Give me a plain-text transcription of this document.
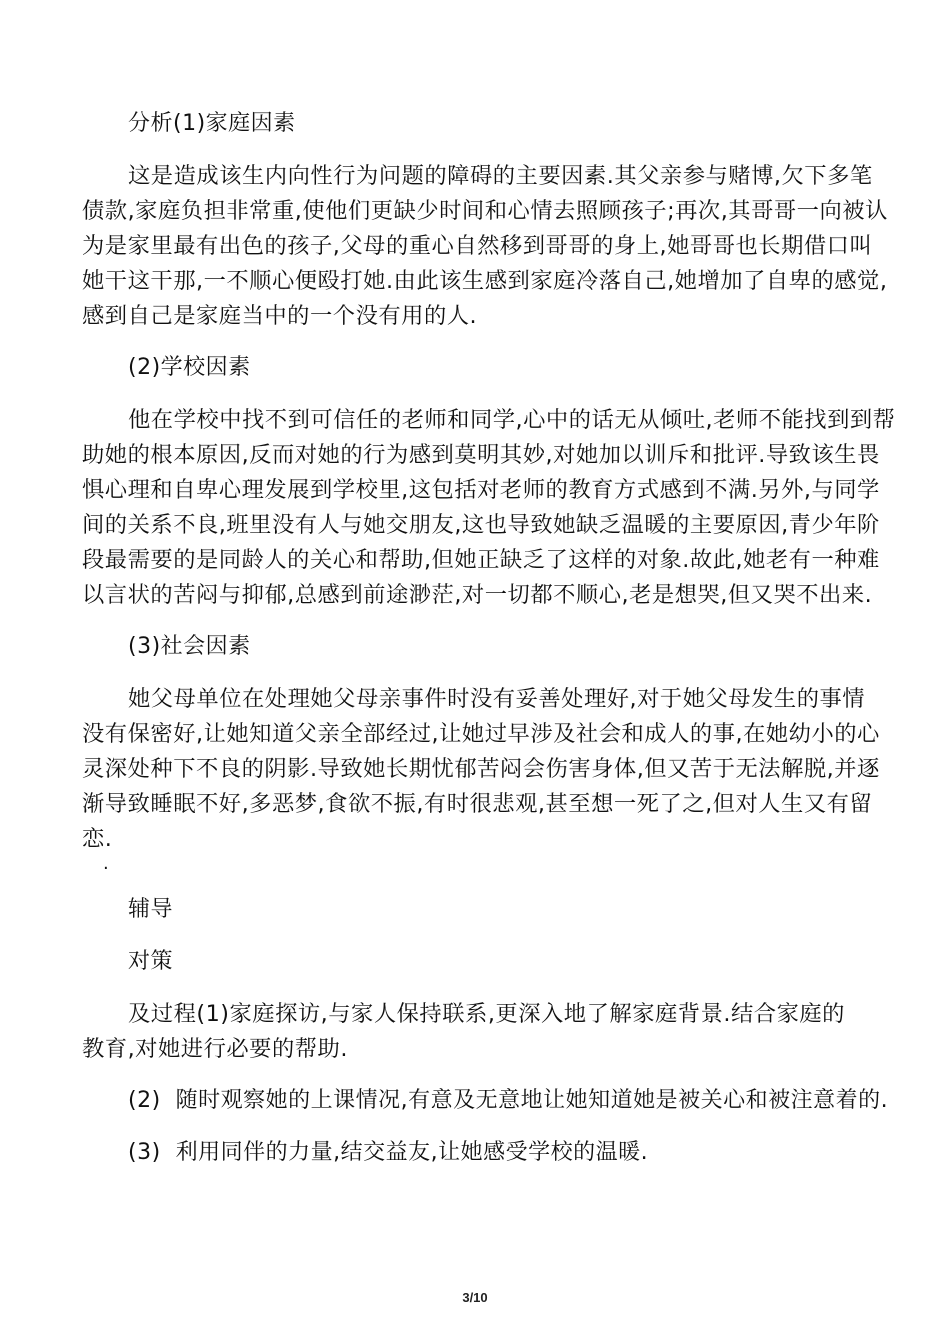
分析(1)家庭因素
这是造成该生内向性行为问题的障碍的主要因素.其父亲参与赌博,欠下多笔
债款,家庭负担非常重,使他们更缺少时间和心情去照顾孩子;再次,其哥哥一向被认
为是家里最有出色的孩子,父母的重心自然移到哥哥的身上,她哥哥也长期借口叫
她干这干那,一不顺心便殴打她.由此该生感到家庭冷落自己,她增加了自卑的感觉,
感到自己是家庭当中的一个没有用的人.
(2)学校因素
他在学校中找不到可信任的老师和同学,心中的话无从倾吐,老师不能找到到帮
助她的根本原因,反而对她的行为感到莫明其妙,对她加以训斥和批评.导致该生畏
惧心理和自卑心理发展到学校里,这包括对老师的教育方式感到不满.另外,与同学
间的关系不良,班里没有人与她交朋友,这也导致她缺乏温暖的主要原因,青少年阶
段最需要的是同龄人的关心和帮助,但她正缺乏了这样的对象.故此,她老有一种难
以言状的苦闷与抑郁,总感到前途渺茫,对一切都不顺心,老是想哭,但又哭不出来.
(3)社会因素
她父母单位在处理她父母亲事件时没有妥善处理好,对于她父母发生的事情
没有保密好,让她知道父亲全部经过,让她过早涉及社会和成人的事,在她幼小的心
灵深处种下不良的阴影.导致她长期忧郁苦闷会伤害身体,但又苦于无法解脱,并逐
渐导致睡眠不好,多恶梦,食欲不振,有时很悲观,甚至想一死了之,但对人生又有留
恋.
.
辅导
对策
及过程(1)家庭探访,与家人保持联系,更深入地了解家庭背景.结合家庭的
教育,对她进行必要的帮助.
(2)  随时观察她的上课情况,有意及无意地让她知道她是被关心和被注意着的.
(3)  利用同伴的力量,结交益友,让她感受学校的温暖.
3/10
